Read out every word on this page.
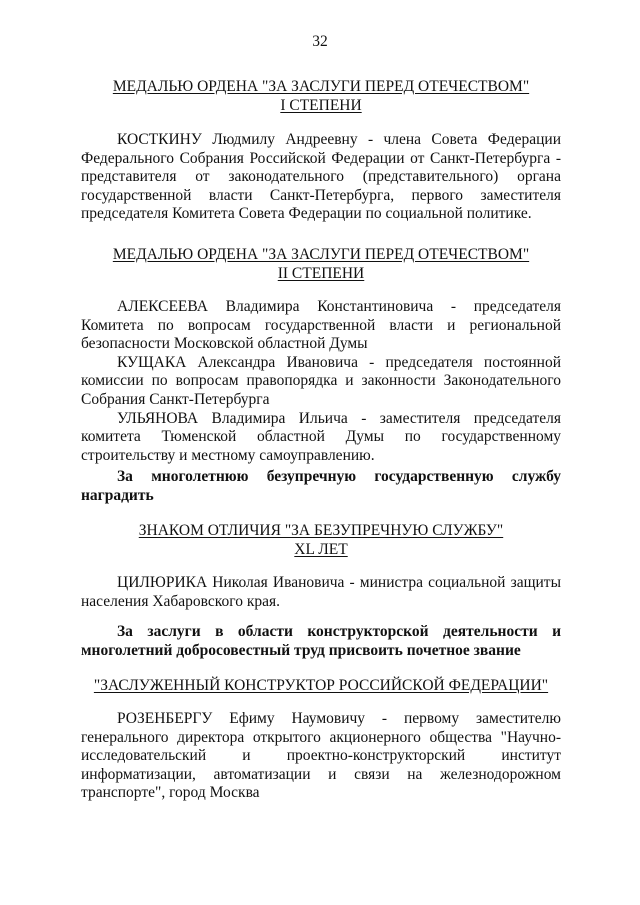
32
МЕДАЛЬЮ ОРДЕНА "ЗА ЗАСЛУГИ ПЕРЕД ОТЕЧЕСТВОМ"
I СТЕПЕНИ
КОСТКИНУ Людмилу Андреевну - члена Совета Федерации Федерального Собрания Российской Федерации от Санкт-Петербурга - представителя от законодательного (представительного) органа государственной власти Санкт-Петербурга, первого заместителя председателя Комитета Совета Федерации по социальной политике.
МЕДАЛЬЮ ОРДЕНА "ЗА ЗАСЛУГИ ПЕРЕД ОТЕЧЕСТВОМ"
II СТЕПЕНИ
АЛЕКСЕЕВА Владимира Константиновича - председателя Комитета по вопросам государственной власти и региональной безопасности Московской областной Думы
КУЩАКА Александра Ивановича - председателя постоянной комиссии по вопросам правопорядка и законности Законодательного Собрания Санкт-Петербурга
УЛЬЯНОВА Владимира Ильича - заместителя председателя комитета Тюменской областной Думы по государственному строительству и местному самоуправлению.
За многолетнюю безупречную государственную службу наградить
ЗНАКОМ ОТЛИЧИЯ "ЗА БЕЗУПРЕЧНУЮ СЛУЖБУ"
XL ЛЕТ
ЦИЛЮРИКА Николая Ивановича - министра социальной защиты населения Хабаровского края.
За заслуги в области конструкторской деятельности и многолетний добросовестный труд присвоить почетное звание
"ЗАСЛУЖЕННЫЙ КОНСТРУКТОР РОССИЙСКОЙ ФЕДЕРАЦИИ"
РОЗЕНБЕРГУ Ефиму Наумовичу - первому заместителю генерального директора открытого акционерного общества "Научно-исследовательский и проектно-конструкторский институт информатизации, автоматизации и связи на железнодорожном транспорте", город Москва
